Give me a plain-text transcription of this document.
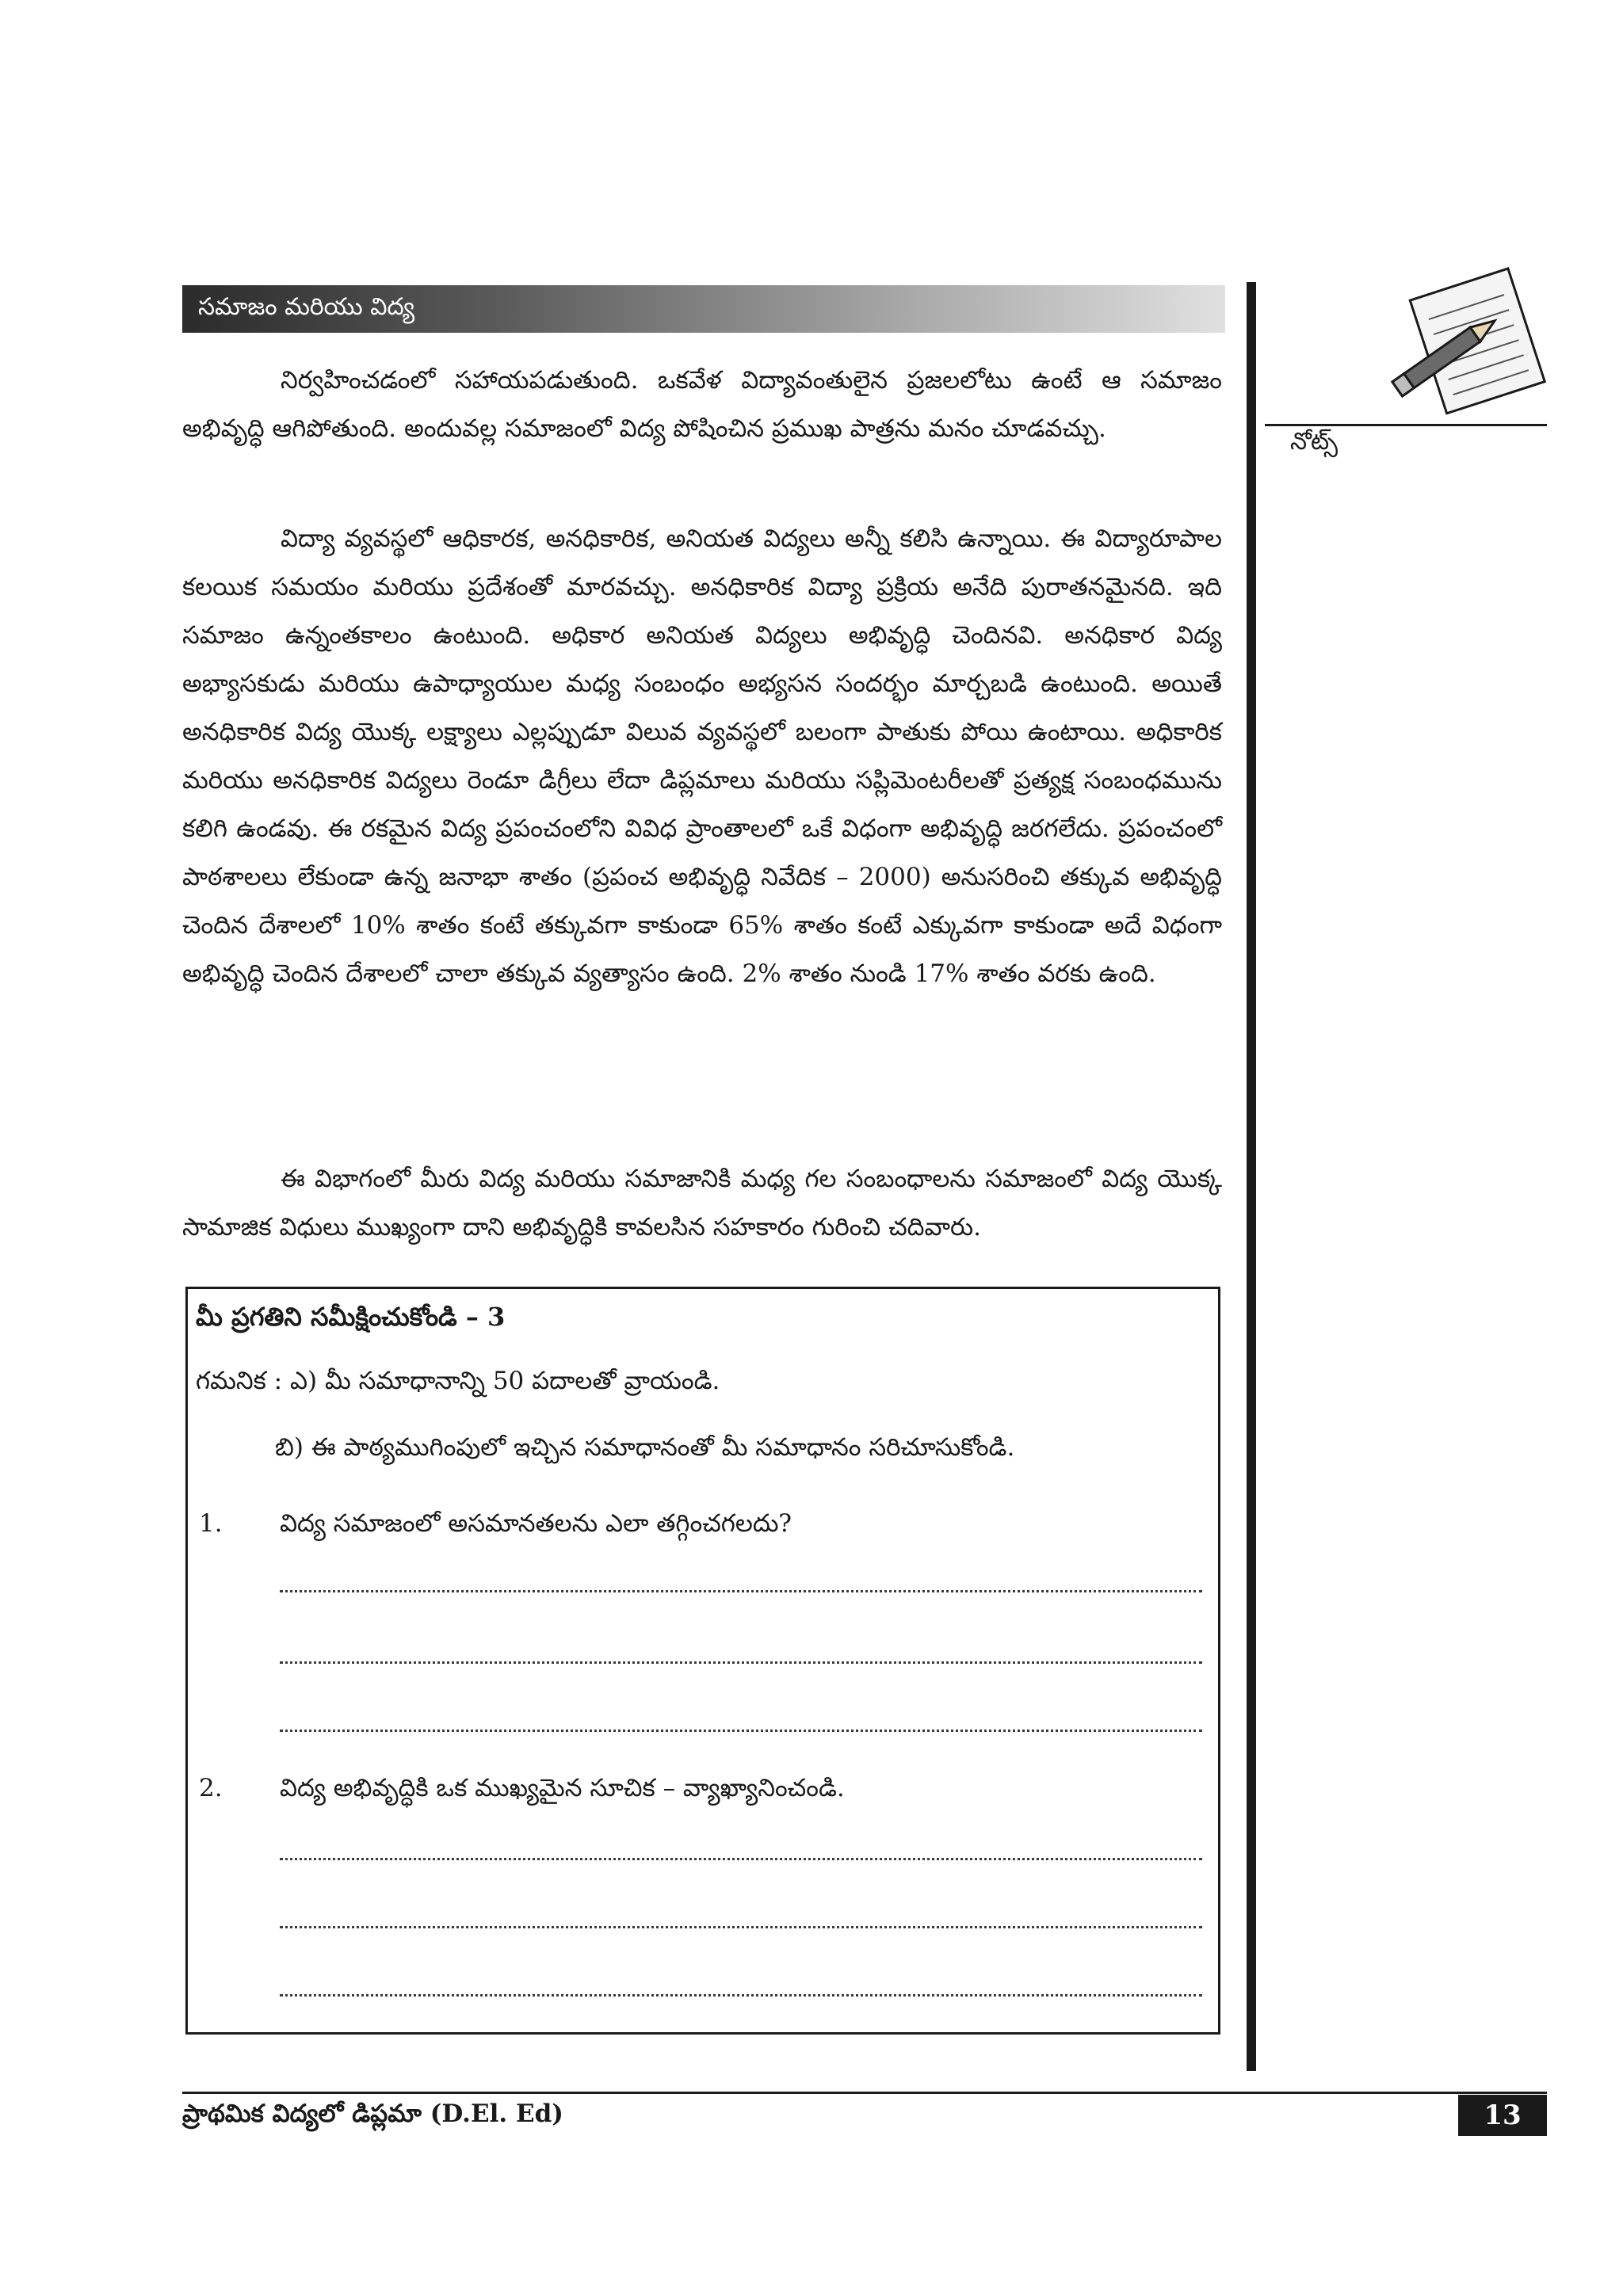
సమాజం మరియు విద్య
నోట్స్

నిర్వహించడంలో సహాయపడుతుంది. ఒకవేళ విద్యావంతులైన ప్రజలలోటు ఉంటే ఆ సమాజం అభివృద్ధి ఆగిపోతుంది. అందువల్ల సమాజంలో విద్య పోషించిన ప్రముఖ పాత్రను మనం చూడవచ్చు.

విద్యా వ్యవస్థలో ఆధికారక, అనధికారిక, అనియత విద్యలు అన్నీ కలిసి ఉన్నాయి. ఈ విద్యారూపాల కలయిక సమయం మరియు ప్రదేశంతో మారవచ్చు. అనధికారిక విద్యా ప్రక్రియ అనేది పురాతనమైనది. ఇది సమాజం ఉన్నంతకాలం ఉంటుంది. అధికార అనియత విద్యలు అభివృద్ధి చెందినవి. అనధికార విద్య అభ్యాసకుడు మరియు ఉపాధ్యాయుల మధ్య సంబంధం అభ్యసన సందర్భం మార్చబడి ఉంటుంది. అయితే అనధికారిక విద్య యొక్క లక్ష్యాలు ఎల్లప్పుడూ విలువ వ్యవస్థలో బలంగా పాతుకు పోయి ఉంటాయి. అధికారిక మరియు అనధికారిక విద్యలు రెండూ డిగ్రీలు లేదా డిప్లమాలు మరియు సప్లిమెంటరీలతో ప్రత్యక్ష సంబంధమును కలిగి ఉండవు. ఈ రకమైన విద్య ప్రపంచంలోని వివిధ ప్రాంతాలలో ఒకే విధంగా అభివృద్ధి జరగలేదు. ప్రపంచంలో పాఠశాలలు లేకుండా ఉన్న జనాభా శాతం (ప్రపంచ అభివృద్ధి నివేదిక – 2000) అనుసరించి తక్కువ అభివృద్ధి చెందిన దేశాలలో 10% శాతం కంటే తక్కువగా కాకుండా 65% శాతం కంటే ఎక్కువగా కాకుండా అదే విధంగా అభివృద్ధి చెందిన దేశాలలో చాలా తక్కువ వ్యత్యాసం ఉంది. 2% శాతం నుండి 17% శాతం వరకు ఉంది.

ఈ విభాగంలో మీరు విద్య మరియు సమాజానికి మధ్య గల సంబంధాలను సమాజంలో విద్య యొక్క సామాజిక విధులు ముఖ్యంగా దాని అభివృద్ధికి కావలసిన సహకారం గురించి చదివారు.

మీ ప్రగతిని సమీక్షించుకోండి – 3
గమనిక : ఎ) మీ సమాధానాన్ని 50 పదాలతో వ్రాయండి.
బి) ఈ పాఠ్యముగింపులో ఇచ్చిన సమాధానంతో మీ సమాధానం సరిచూసుకోండి.
1. విద్య సమాజంలో అసమానతలను ఎలా తగ్గించగలదు?
2. విద్య అభివృద్ధికి ఒక ముఖ్యమైన సూచిక – వ్యాఖ్యానించండి.
ప్రాథమిక విద్యలో డిప్లమా (D.El. Ed)	13
